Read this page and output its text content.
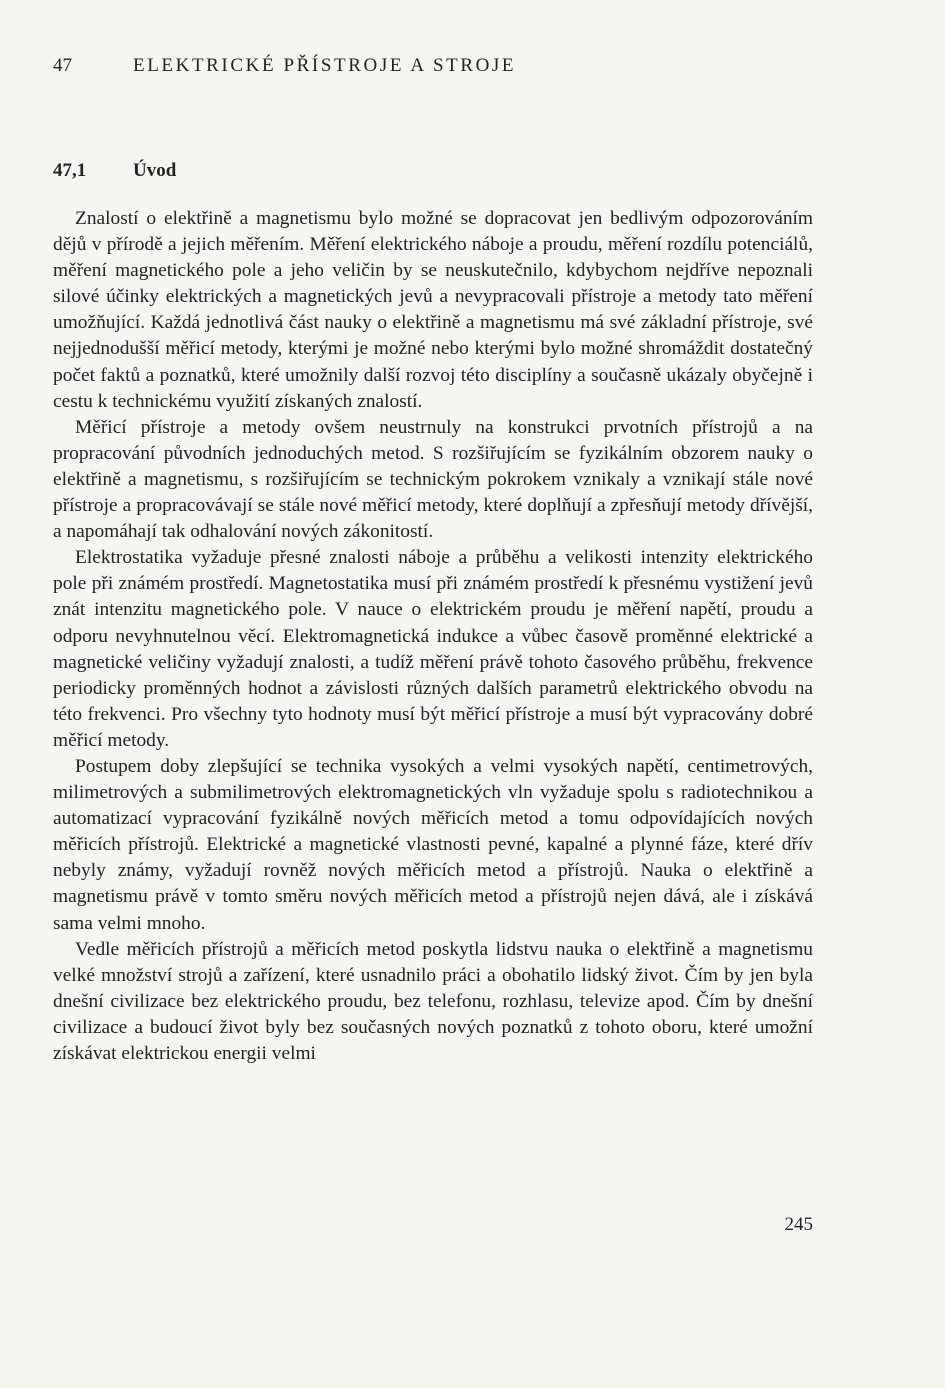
47	ELEKTRICKÉ PŘÍSTROJE A STROJE
47,1 Úvod

Znalostí o elektřině a magnetismu bylo možné se dopracovat jen bedlivým odpozorováním dějů v přírodě a jejich měřením. Měření elektrického náboje a proudu, měření rozdílu potenciálů, měření magnetického pole a jeho veličin by se neuskutečnilo, kdybychom nejdříve nepoznali silové účinky elektrických a magnetických jevů a nevypracovali přístroje a metody tato měření umožňující. Každá jednotlivá část nauky o elektřině a magnetismu má své základní přístroje, své nejjednodušší měřicí metody, kterými je možné nebo kterými bylo možné shromáždit dostatečný počet faktů a poznatků, které umožnily další rozvoj této disciplíny a současně ukázaly obyčejně i cestu k technickému využití získaných znalostí.

Měřicí přístroje a metody ovšem neustrnuly na konstrukci prvotních přístrojů a na propracování původních jednoduchých metod. S rozšiřujícím se fyzikálním obzorem nauky o elektřině a magnetismu, s rozšiřujícím se technickým pokrokem vznikaly a vznikají stále nové přístroje a propracovávají se stále nové měřicí metody, které doplňují a zpřesňují metody dřívější, a napomáhají tak odhalování nových zákonitostí.

Elektrostatika vyžaduje přesné znalosti náboje a průběhu a velikosti intenzity elektrického pole při známém prostředí. Magnetostatika musí při známém prostředí k přesnému vystižení jevů znát intenzitu magnetického pole. V nauce o elektrickém proudu je měření napětí, proudu a odporu nevyhnutelnou věcí. Elektromagnetická indukce a vůbec časově proměnné elektrické a magnetické veličiny vyžadují znalosti, a tudíž měření právě tohoto časového průběhu, frekvence periodicky proměnných hodnot a závislosti různých dalších parametrů elektrického obvodu na této frekvenci. Pro všechny tyto hodnoty musí být měřicí přístroje a musí být vypracovány dobré měřicí metody.

Postupem doby zlepšující se technika vysokých a velmi vysokých napětí, centimetrových, milimetrových a submilimetrových elektromagnetických vln vyžaduje spolu s radiotechnikou a automatizací vypracování fyzikálně nových měřicích metod a tomu odpovídajících nových měřicích přístrojů. Elektrické a magnetické vlastnosti pevné, kapalné a plynné fáze, které dřív nebyly známy, vyžadují rovněž nových měřicích metod a přístrojů. Nauka o elektřině a magnetismu právě v tomto směru nových měřicích metod a přístrojů nejen dává, ale i získává sama velmi mnoho.

Vedle měřicích přístrojů a měřicích metod poskytla lidstvu nauka o elektřině a magnetismu velké množství strojů a zařízení, které usnadnilo práci a obohatilo lidský život. Čím by jen byla dnešní civilizace bez elektrického proudu, bez telefonu, rozhlasu, televize apod. Čím by dnešní civilizace a budoucí život byly bez současných nových poznatků z tohoto oboru, které umožní získávat elektrickou energii velmi

245
